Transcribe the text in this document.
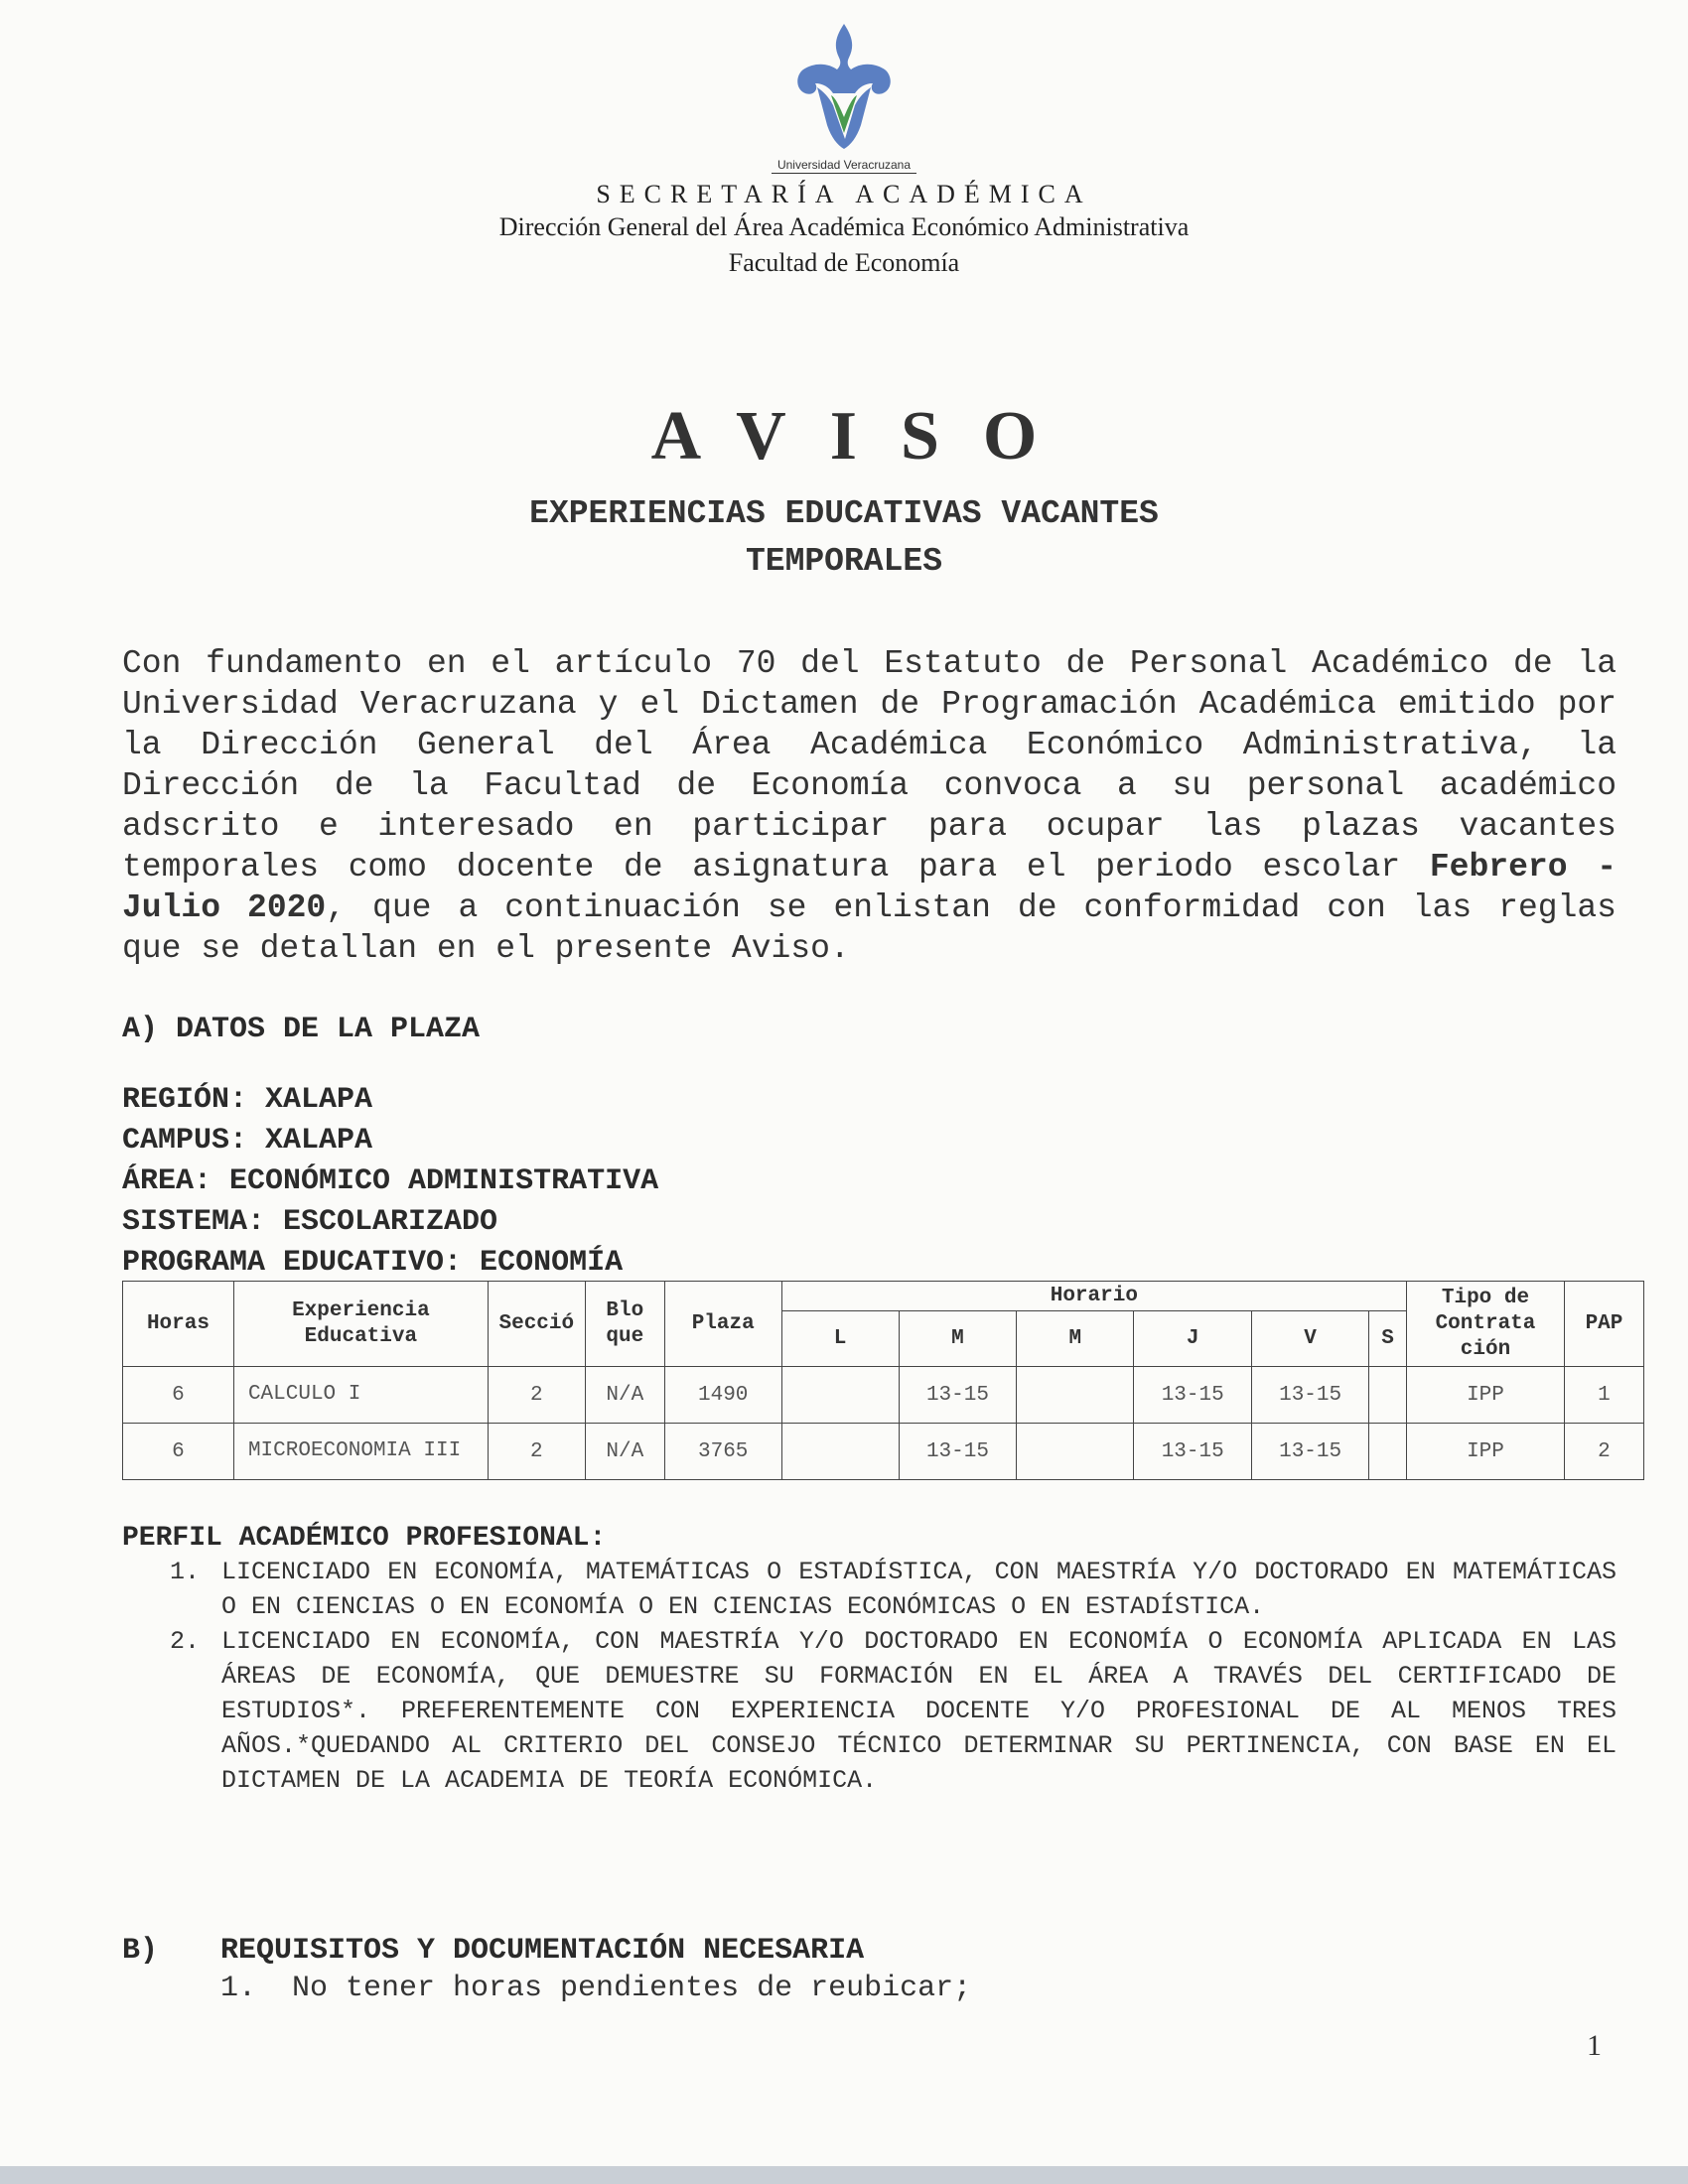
Universidad Veracruzana
SECRETARÍA ACADÉMICA
Dirección General del Área Académica Económico Administrativa
Facultad de Economía
AVISO
EXPERIENCIAS EDUCATIVAS VACANTES
TEMPORALES
Con fundamento en el artículo 70 del Estatuto de Personal Académico de la Universidad Veracruzana y el Dictamen de Programación Académica emitido por la Dirección General del Área Académica Económico Administrativa, la Dirección de la Facultad de Economía convoca a su personal académico adscrito e interesado en participar para ocupar las plazas vacantes temporales como docente de asignatura para el periodo escolar Febrero - Julio 2020, que a continuación se enlistan de conformidad con las reglas que se detallan en el presente Aviso.
A) DATOS DE LA PLAZA
REGIÓN: XALAPA
CAMPUS: XALAPA
ÁREA: ECONÓMICO ADMINISTRATIVA
SISTEMA: ESCOLARIZADO
PROGRAMA EDUCATIVO: ECONOMÍA
Horas	Experiencia Educativa	Secció	Blo que	Plaza	Horario						Tipo de Contrata ción	PAP
					L	M	M	J	V	S		
6	CALCULO I	2	N/A	1490		13-15		13-15	13-15		IPP	1
6	MICROECONOMIA III	2	N/A	3765		13-15		13-15	13-15		IPP	2
PERFIL ACADÉMICO PROFESIONAL:
1. LICENCIADO EN ECONOMÍA, MATEMÁTICAS O ESTADÍSTICA, CON MAESTRÍA Y/O DOCTORADO EN MATEMÁTICAS O EN CIENCIAS O EN ECONOMÍA O EN CIENCIAS ECONÓMICAS O EN ESTADÍSTICA.
2. LICENCIADO EN ECONOMÍA, CON MAESTRÍA Y/O DOCTORADO EN ECONOMÍA O ECONOMÍA APLICADA EN LAS ÁREAS DE ECONOMÍA, QUE DEMUESTRE SU FORMACIÓN EN EL ÁREA A TRAVÉS DEL CERTIFICADO DE ESTUDIOS*. PREFERENTEMENTE CON EXPERIENCIA DOCENTE Y/O PROFESIONAL DE AL MENOS TRES AÑOS.*QUEDANDO AL CRITERIO DEL CONSEJO TÉCNICO DETERMINAR SU PERTINENCIA, CON BASE EN EL DICTAMEN DE LA ACADEMIA DE TEORÍA ECONÓMICA.
B) REQUISITOS Y DOCUMENTACIÓN NECESARIA
1.  No tener horas pendientes de reubicar;
1
